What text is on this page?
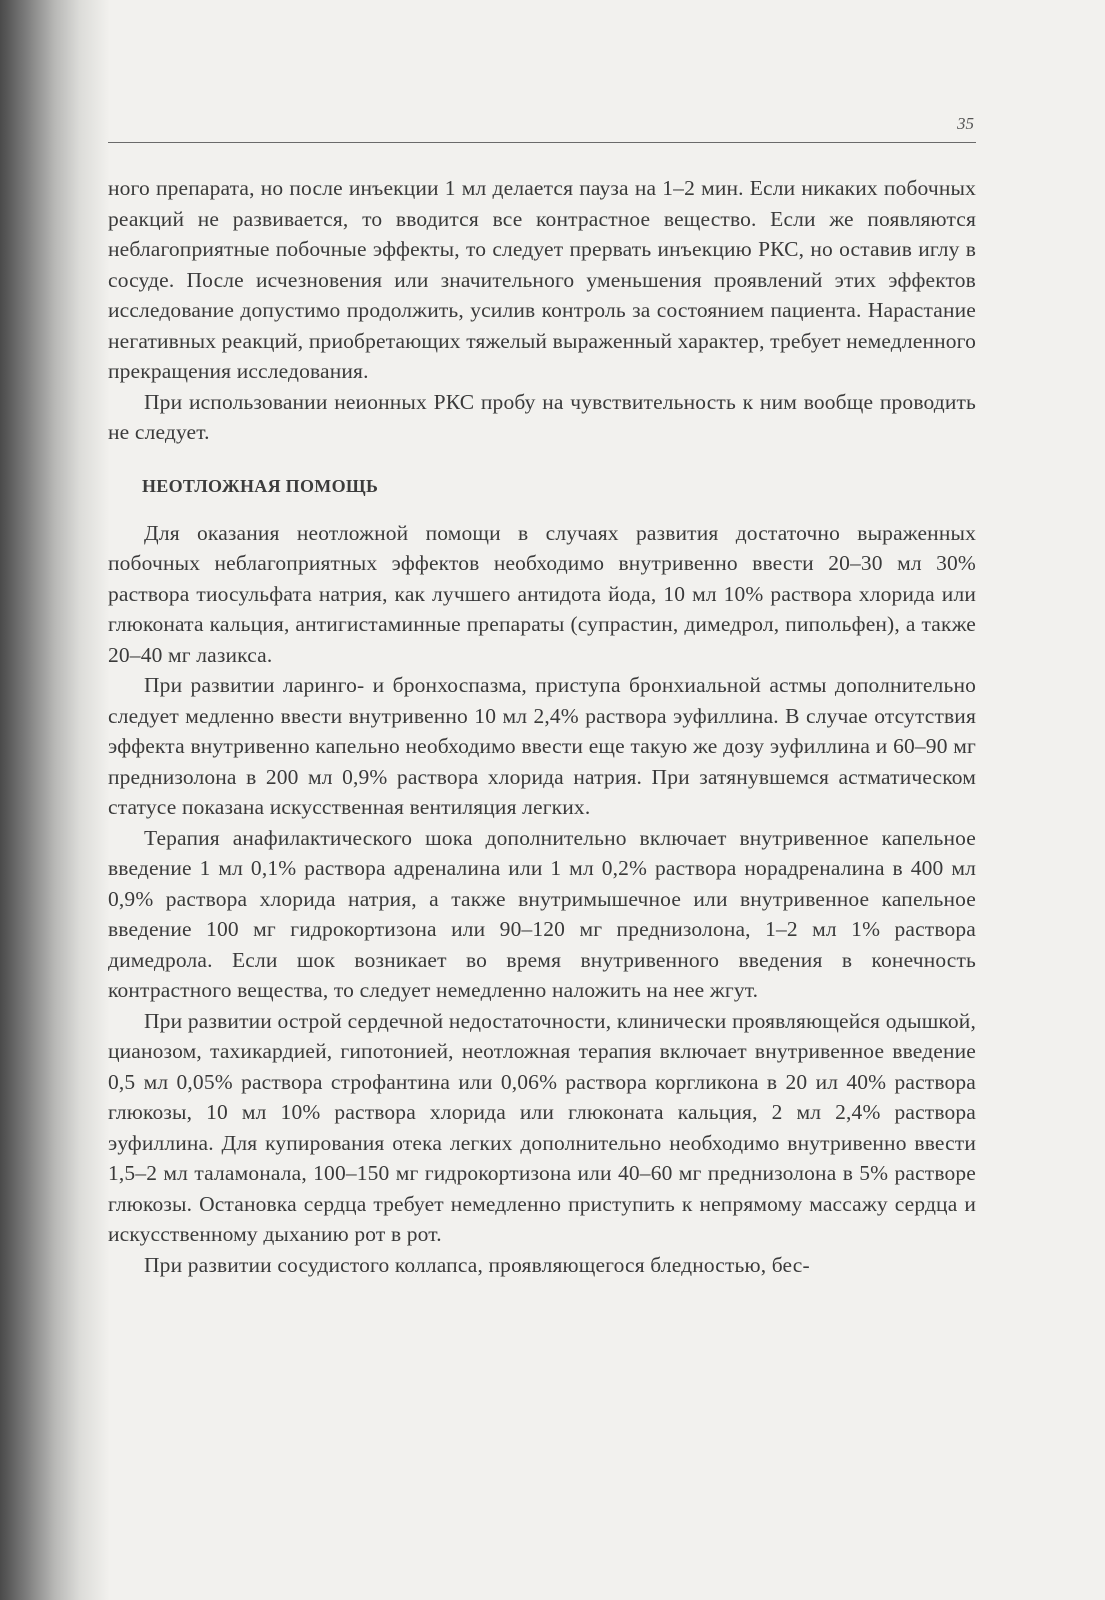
35

ного препарата, но после инъекции 1 мл делается пауза на 1–2 мин. Если никаких побочных реакций не развивается, то вводится все контрастное вещество. Если же появляются неблагоприятные побочные эффекты, то следует прервать инъекцию РКС, но оставив иглу в сосуде. После исчезновения или значительного уменьшения проявлений этих эффектов исследование допустимо продолжить, усилив контроль за состоянием пациента. Нарастание негативных реакций, приобретающих тяжелый выраженный характер, требует немедленного прекращения исследования.

При использовании неионных РКС пробу на чувствительность к ним вообще проводить не следует.

НЕОТЛОЖНАЯ ПОМОЩЬ

Для оказания неотложной помощи в случаях развития достаточно выраженных побочных неблагоприятных эффектов необходимо внутривенно ввести 20–30 мл 30% раствора тиосульфата натрия, как лучшего антидота йода, 10 мл 10% раствора хлорида или глюконата кальция, антигистаминные препараты (супрастин, димедрол, пипольфен), а также 20–40 мг лазикса.

При развитии ларинго- и бронхоспазма, приступа бронхиальной астмы дополнительно следует медленно ввести внутривенно 10 мл 2,4% раствора эуфиллина. В случае отсутствия эффекта внутривенно капельно необходимо ввести еще такую же дозу эуфиллина и 60–90 мг преднизолона в 200 мл 0,9% раствора хлорида натрия. При затянувшемся астматическом статусе показана искусственная вентиляция легких.

Терапия анафилактического шока дополнительно включает внутривенное капельное введение 1 мл 0,1% раствора адреналина или 1 мл 0,2% раствора норадреналина в 400 мл 0,9% раствора хлорида натрия, а также внутримышечное или внутривенное капельное введение 100 мг гидрокортизона или 90–120 мг преднизолона, 1–2 мл 1% раствора димедрола. Если шок возникает во время внутривенного введения в конечность контрастного вещества, то следует немедленно наложить на нее жгут.

При развитии острой сердечной недостаточности, клинически проявляющейся одышкой, цианозом, тахикардией, гипотонией, неотложная терапия включает внутривенное введение 0,5 мл 0,05% раствора строфантина или 0,06% раствора коргликона в 20 ил 40% раствора глюкозы, 10 мл 10% раствора хлорида или глюконата кальция, 2 мл 2,4% раствора эуфиллина. Для купирования отека легких дополнительно необходимо внутривенно ввести 1,5–2 мл таламонала, 100–150 мг гидрокортизона или 40–60 мг преднизолона в 5% растворе глюкозы. Остановка сердца требует немедленно приступить к непрямому массажу сердца и искусственному дыханию рот в рот.

При развитии сосудистого коллапса, проявляющегося бледностью, бес-
